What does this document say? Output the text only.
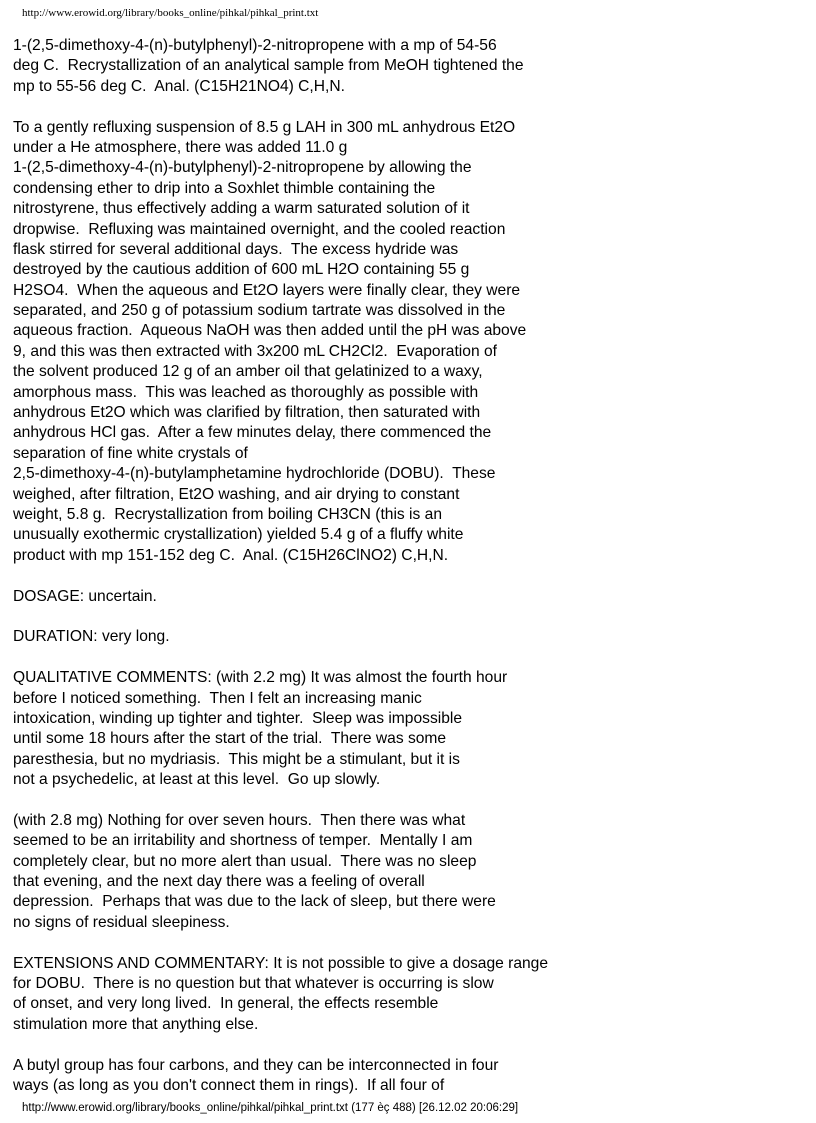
http://www.erowid.org/library/books_online/pihkal/pihkal_print.txt
1-(2,5-dimethoxy-4-(n)-butylphenyl)-2-nitropropene with a mp of 54-56
deg C.  Recrystallization of an analytical sample from MeOH tightened the
mp to 55-56 deg C.  Anal. (C15H21NO4) C,H,N.
To a gently refluxing suspension of 8.5 g LAH in 300 mL anhydrous Et2O
under a He atmosphere, there was added 11.0 g
1-(2,5-dimethoxy-4-(n)-butylphenyl)-2-nitropropene by allowing the
condensing ether to drip into a Soxhlet thimble containing the
nitrostyrene, thus effectively adding a warm saturated solution of it
dropwise.  Refluxing was maintained overnight, and the cooled reaction
flask stirred for several additional days.  The excess hydride was
destroyed by the cautious addition of 600 mL H2O containing 55 g
H2SO4.  When the aqueous and Et2O layers were finally clear, they were
separated, and 250 g of potassium sodium tartrate was dissolved in the
aqueous fraction.  Aqueous NaOH was then added until the pH was above
9, and this was then extracted with 3x200 mL CH2Cl2.  Evaporation of
the solvent produced 12 g of an amber oil that gelatinized to a waxy,
amorphous mass.  This was leached as thoroughly as possible with
anhydrous Et2O which was clarified by filtration, then saturated with
anhydrous HCl gas.  After a few minutes delay, there commenced the
separation of fine white crystals of
2,5-dimethoxy-4-(n)-butylamphetamine hydrochloride (DOBU).  These
weighed, after filtration, Et2O washing, and air drying to constant
weight, 5.8 g.  Recrystallization from boiling CH3CN (this is an
unusually exothermic crystallization) yielded 5.4 g of a fluffy white
product with mp 151-152 deg C.  Anal. (C15H26ClNO2) C,H,N.
DOSAGE: uncertain.
DURATION: very long.
QUALITATIVE COMMENTS: (with 2.2 mg) It was almost the fourth hour
before I noticed something.  Then I felt an increasing manic
intoxication, winding up tighter and tighter.  Sleep was impossible
until some 18 hours after the start of the trial.  There was some
paresthesia, but no mydriasis.  This might be a stimulant, but it is
not a psychedelic, at least at this level.  Go up slowly.
(with 2.8 mg) Nothing for over seven hours.  Then there was what
seemed to be an irritability and shortness of temper.  Mentally I am
completely clear, but no more alert than usual.  There was no sleep
that evening, and the next day there was a feeling of overall
depression.  Perhaps that was due to the lack of sleep, but there were
no signs of residual sleepiness.
EXTENSIONS AND COMMENTARY: It is not possible to give a dosage range
for DOBU.  There is no question but that whatever is occurring is slow
of onset, and very long lived.  In general, the effects resemble
stimulation more that anything else.
A butyl group has four carbons, and they can be interconnected in four
ways (as long as you don't connect them in rings).  If all four of
http://www.erowid.org/library/books_online/pihkal/pihkal_print.txt (177 èç 488) [26.12.02 20:06:29]
